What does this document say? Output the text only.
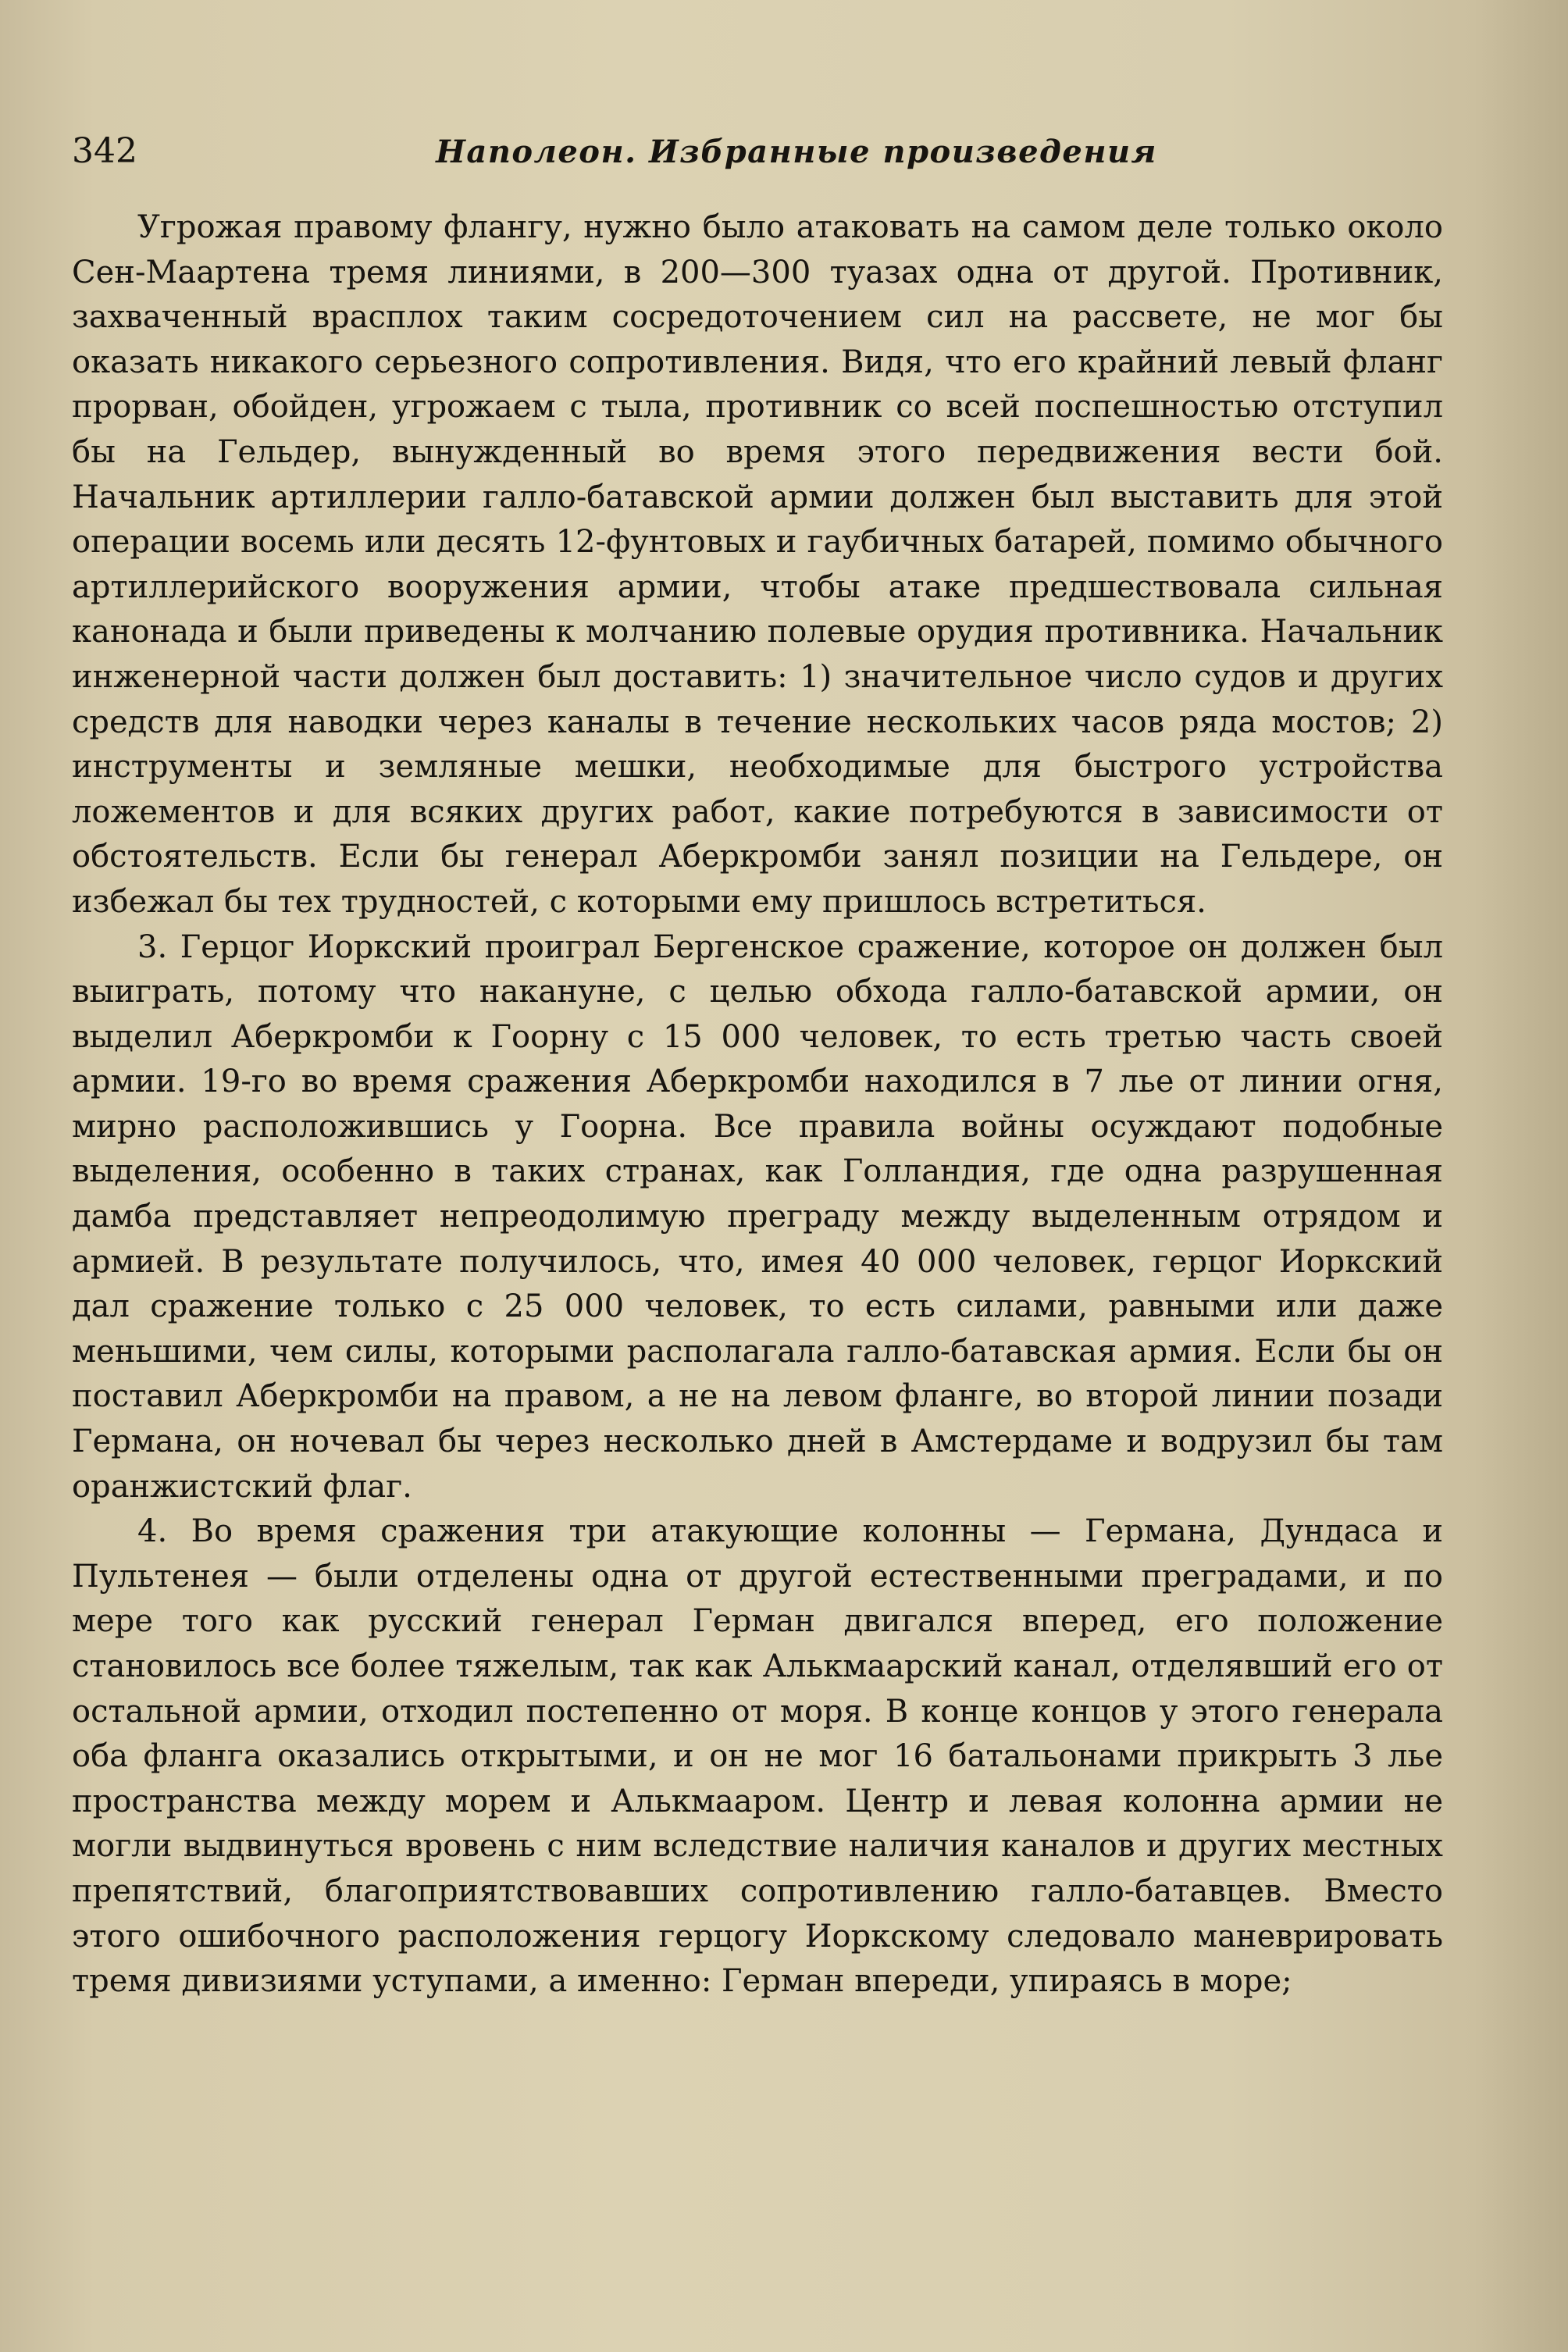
342	Наполеон. Избранные произведения

Угрожая правому флангу, нужно было атаковать на самом деле только около Сен-Маартена тремя линиями, в 200—300 туазах одна от другой. Противник, захваченный врасплох таким сосредоточением сил на рассвете, не мог бы оказать никакого серьезного сопротивления. Видя, что его крайний левый фланг прорван, обойден, угрожаем с тыла, противник со всей поспешностью отступил бы на Гельдер, вынужденный во время этого передвижения вести бой. Начальник артиллерии галло-батавской армии должен был выставить для этой операции восемь или десять 12-фунтовых и гаубичных батарей, помимо обычного артиллерийского вооружения армии, чтобы атаке предшествовала сильная канонада и были приведены к молчанию полевые орудия противника. Начальник инженерной части должен был доставить: 1) значительное число судов и других средств для наводки через каналы в течение нескольких часов ряда мостов; 2) инструменты и земляные мешки, необходимые для быстрого устройства ложементов и для всяких других работ, какие потребуются в зависимости от обстоятельств. Если бы генерал Аберкромби занял позиции на Гельдере, он избежал бы тех трудностей, с которыми ему пришлось встретиться.

3. Герцог Иоркский проиграл Бергенское сражение, которое он должен был выиграть, потому что накануне, с целью обхода галло-батавской армии, он выделил Аберкромби к Гоорну с 15 000 человек, то есть третью часть своей армии. 19-го во время сражения Аберкромби находился в 7 лье от линии огня, мирно расположившись у Гоорна. Все правила войны осуждают подобные выделения, особенно в таких странах, как Голландия, где одна разрушенная дамба представляет непреодолимую преграду между выделенным отрядом и армией. В результате получилось, что, имея 40 000 человек, герцог Иоркский дал сражение только с 25 000 человек, то есть силами, равными или даже меньшими, чем силы, которыми располагала галло-батавская армия. Если бы он поставил Аберкромби на правом, а не на левом фланге, во второй линии позади Германа, он ночевал бы через несколько дней в Амстердаме и водрузил бы там оранжистский флаг.

4. Во время сражения три атакующие колонны — Германа, Дундаса и Пультенея — были отделены одна от другой естественными преградами, и по мере того как русский генерал Герман двигался вперед, его положение становилось все более тяжелым, так как Алькмаарский канал, отделявший его от остальной армии, отходил постепенно от моря. В конце концов у этого генерала оба фланга оказались открытыми, и он не мог 16 батальонами прикрыть 3 лье пространства между морем и Алькмааром. Центр и левая колонна армии не могли выдвинуться вровень с ним вследствие наличия каналов и других местных препятствий, благоприятствовавших сопротивлению галло-батавцев. Вместо этого ошибочного расположения герцогу Иоркскому следовало маневрировать тремя дивизиями уступами, а именно: Герман впереди, упираясь в море;
